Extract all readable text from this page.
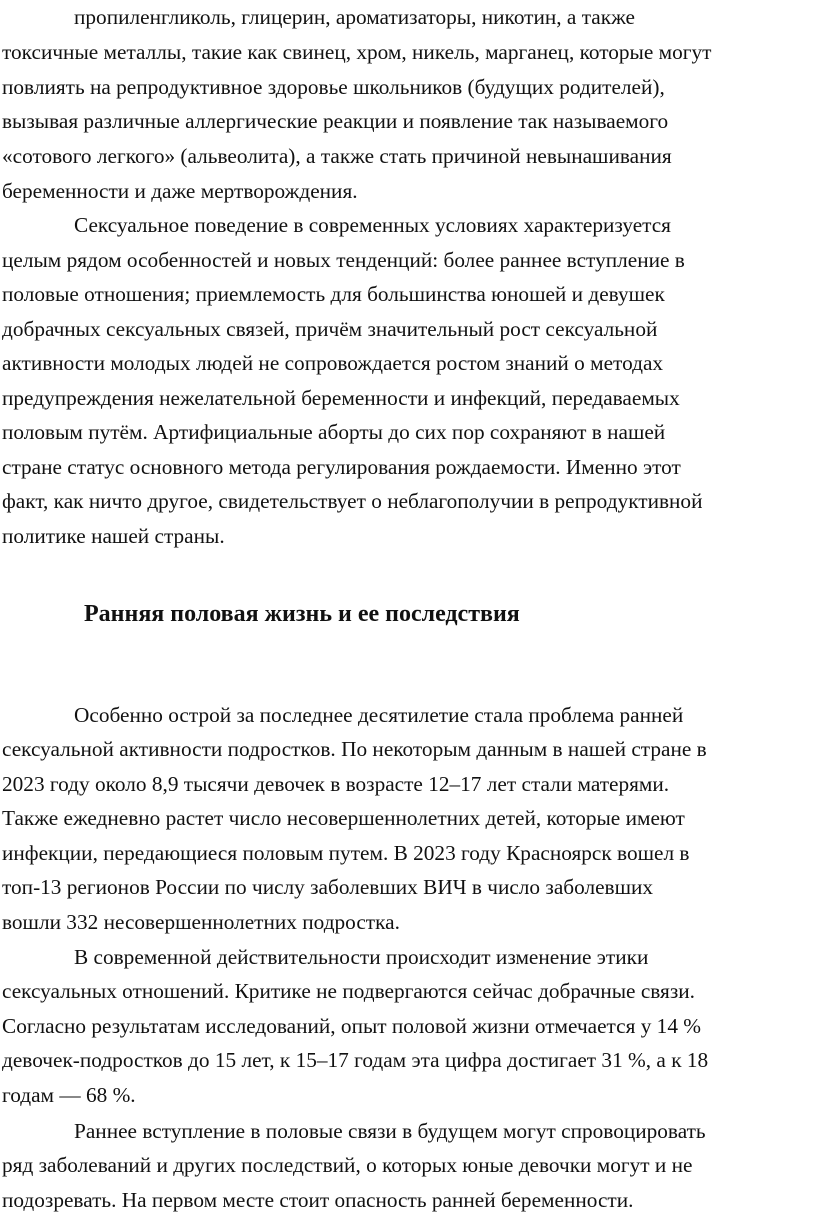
пропиленгликоль, глицерин, ароматизаторы, никотин, а также
токсичные металлы, такие как свинец, хром, никель, марганец, которые могут
повлиять на репродуктивное здоровье школьников (будущих родителей),
вызывая различные аллергические реакции и появление так называемого
«сотового легкого» (альвеолита), а также стать причиной невынашивания
беременности и даже мертворождения.
Сексуальное поведение в современных условиях характеризуется
целым рядом особенностей и новых тенденций: более раннее вступление в
половые отношения; приемлемость для большинства юношей и девушек
добрачных сексуальных связей, причём значительный рост сексуальной
активности молодых людей не сопровождается ростом знаний о методах
предупреждения нежелательной беременности и инфекций, передаваемых
половым путём. Артифициальные аборты до сих пор сохраняют в нашей
стране статус основного метода регулирования рождаемости. Именно этот
факт, как ничто другое, свидетельствует о неблагополучии в репродуктивной
политике нашей страны.
Ранняя половая жизнь и ее последствия
Особенно острой за последнее десятилетие стала проблема ранней
сексуальной активности подростков. По некоторым данным в нашей стране в
2023 году около 8,9 тысячи девочек в возрасте 12–17 лет стали матерями.
Также ежедневно растет число несовершеннолетних детей, которые имеют
инфекции, передающиеся половым путем. В 2023 году Красноярск вошел в
топ-13 регионов России по числу заболевших ВИЧ в число заболевших
вошли 332 несовершеннолетних подростка.
В современной действительности происходит изменение этики
сексуальных отношений. Критике не подвергаются сейчас добрачные связи.
Согласно результатам исследований, опыт половой жизни отмечается у 14 %
девочек-подростков до 15 лет, к 15–17 годам эта цифра достигает 31 %, а к 18
годам — 68 %.
Раннее вступление в половые связи в будущем могут спровоцировать
ряд заболеваний и других последствий, о которых юные девочки могут и не
подозревать. На первом месте стоит опасность ранней беременности.
